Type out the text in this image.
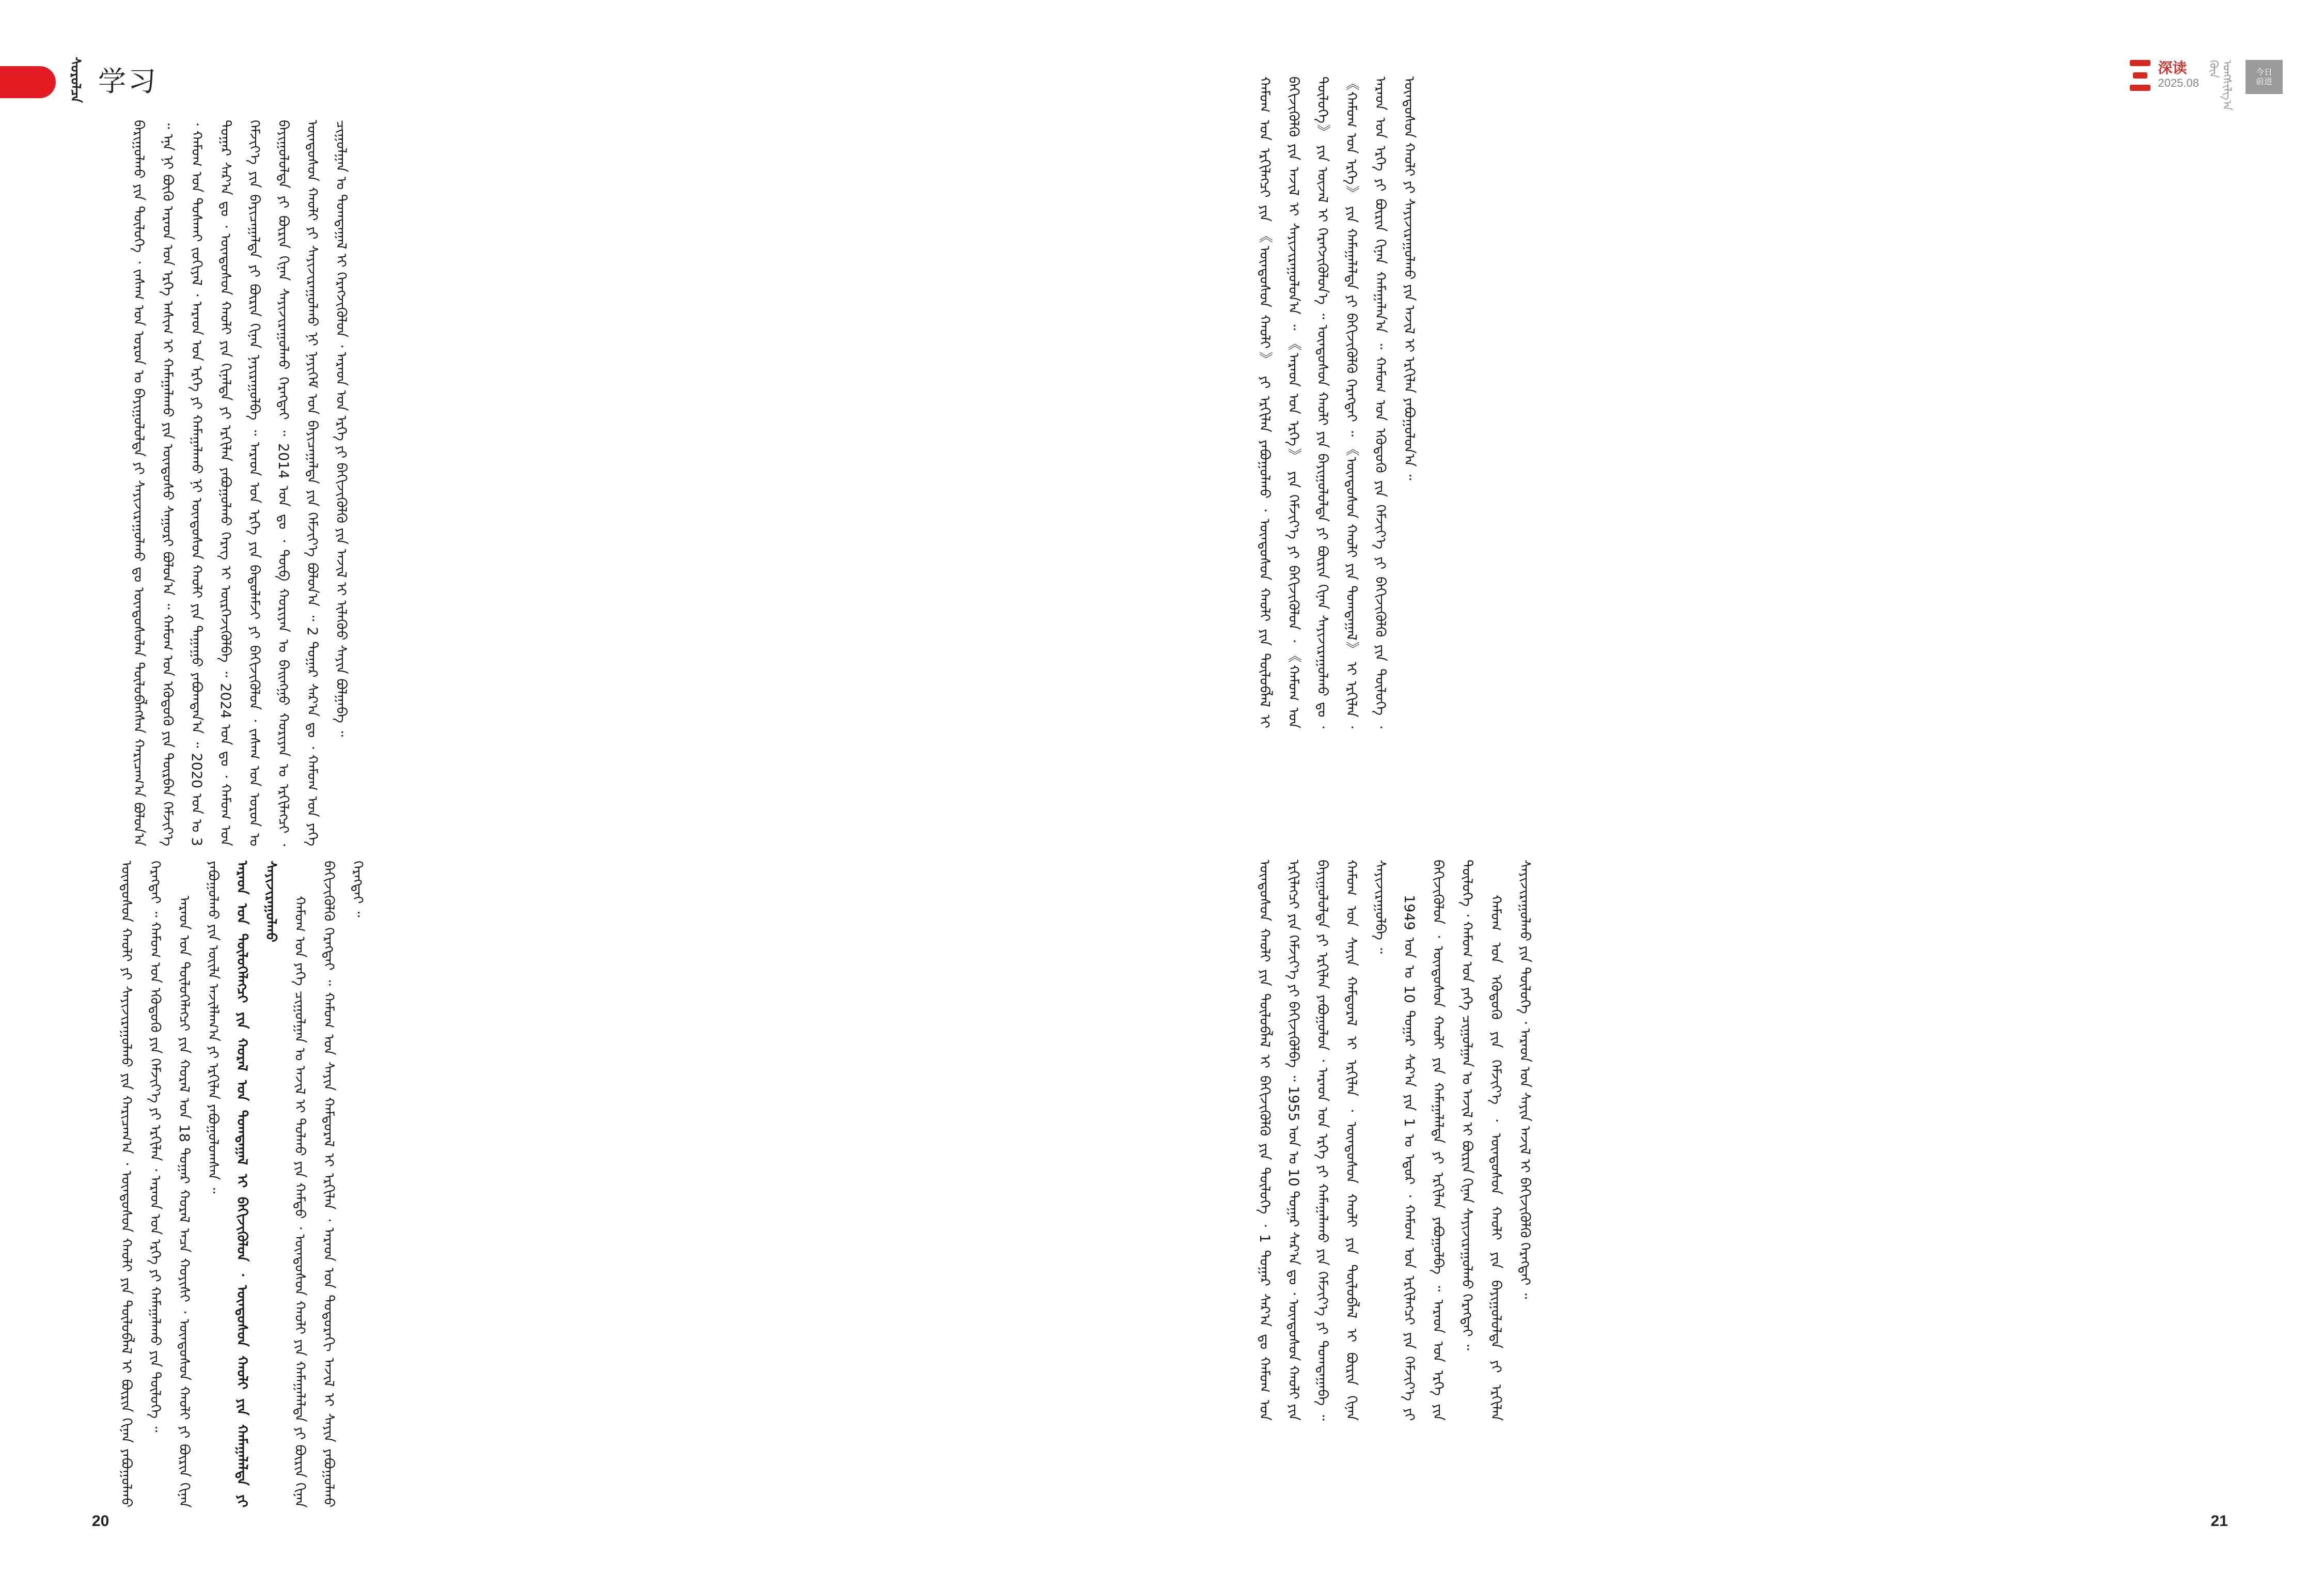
ᠰᠤᠷᠤᠯᠴᠠ 学习	深读
2025.08
ᠭᠦᠨ ᠤᠩᠰᠢᠯᠭ᠎ᠠ	今日
前进

ᠪᠠᠷᠢᠭᠤᠯᠬᠤ ᠶᠢᠨ ᠲᠦᠯᠦᠭᠡ ᠂ ᠵᠠᠰᠠᠭ ᠤᠨ ᠣᠷᠣᠨ ᠤ ᠪᠠᠶᠢᠭᠤᠯᠤᠯᠲᠠ ᠶᠢ ᠰᠠᠶᠢᠵᠢᠷᠠᠭᠤᠯᠬᠤ ᠳᠤ ᠦᠨᠳᠦᠰᠦᠯᠡᠨ ᠲᠥᠯᠦᠪᠯᠡᠭᠰᠡᠨ ᠬᠠᠷᠢᠴᠠᠭ᠎ᠠ ᠪᠣᠯᠤᠨ᠎ᠠ ᠃ ᠡᠨᠡ ᠨᠢ ᠪᠦᠬᠦ ᠠᠷᠠᠳ ᠤᠨ ᠡᠷᠬᠡ ᠠᠰᠢᠭ ᠢ ᠬᠠᠮᠠᠭᠠᠯᠠᠬᠤ ᠶᠢᠨ ᠦᠨᠳᠦᠰᠦ ᠰᠠᠭᠤᠷᠢ ᠪᠣᠯᠤᠨ᠎ᠠ ᠃ ᠬᠠᠮᠤᠭ ᠤᠨ ᠡᠭᠦᠳᠦᠬᠦ ᠶᠢᠨ ᠳᠥᠷᠪᠡᠨ ᠬᠡᠮᠵᠢᠶ᠎ᠡ ᠂ ᠬᠠᠮᠤᠭ ᠤᠨ ᠲᠤᠰᠬᠠᠶ ᠵᠣᠬᠢᠶᠠᠯ ᠂ ᠠᠷᠠᠳ ᠤᠨ ᠡᠷᠬᠡ ᠶᠢ ᠬᠠᠮᠠᠭᠠᠯᠠᠬᠤ ᠨᠢ ᠦᠨᠳᠦᠰᠦᠨ ᠬᠠᠤᠯᠢ ᠶᠢᠨ ᠳᠠᠭᠠᠭᠤ ᠶᠠᠪᠤᠭᠳᠠᠨ᠎ᠠ ᠃ 2020 ᠣᠨ ᠤ 3 ᠳᠤᠭᠠᠷ ᠰᠠᠷ᠎ᠠ ᠳᠤ ᠂ ᠦᠨᠳᠦᠰᠦᠨ ᠬᠠᠤᠯᠢ ᠶᠢᠨ ᠬᠢᠨᠠᠯᠲᠠ ᠶᠢ ᠡᠷᠬᠢᠯᠡᠨ ᠶᠠᠪᠤᠭᠤᠯᠬᠤ ᠬᠡᠷᠡᠭ ᠢ ᠥᠷᠭᠡᠵᠢᠭᠦᠯᠪᠡ ᠃ 2024 ᠣᠨ ᠳᠤ ᠂ ᠬᠠᠮᠤᠭ ᠤᠨ ᠬᠡᠮᠵᠢᠶ᠎ᠡ ᠶᠢᠨ ᠪᠠᠶᠢᠴᠠᠭᠠᠯᠲᠠ ᠶᠢ ᠪᠦᠷᠢᠨ ᠬᠢᠨᠠᠨ ᠨᠠᠶᠢᠷᠠᠭᠤᠯᠪᠠ ᠃ ᠠᠷᠠᠳ ᠤᠨ ᠡᠷᠬᠡ ᠶᠢᠨ ᠪᠠᠲᠤᠯᠠᠮᠵᠢ ᠶᠢ ᠪᠡᠬᠢᠵᠢᠭᠦᠯᠦᠨ ᠂ ᠵᠠᠰᠠᠭ ᠤᠨ ᠣᠷᠣᠨ ᠤ ᠪᠠᠶᠢᠭᠤᠯᠤᠯᠲᠠ ᠶᠢ ᠪᠦᠷᠢᠨ ᠬᠢᠨᠠᠨ ᠰᠠᠶᠢᠵᠢᠷᠠᠭᠤᠯᠬᠤ ᠬᠡᠷᠡᠭᠲᠡᠶ ᠃ 2014 ᠣᠨ ᠳᠤ ᠂ ᠲᠥᠪ ᠬᠣᠷᠢᠶᠠᠨ ᠤ ᠪᠠᠢᠩᠭᠤ ᠬᠣᠷᠢᠶᠠᠨ ᠤ ᠡᠷᠬᠢᠯᠡᠭᠴᠢ ᠂ ᠦᠨᠳᠦᠰᠦᠨ ᠬᠠᠤᠯᠢ ᠶᠢ ᠰᠠᠶᠢᠵᠢᠷᠠᠭᠤᠯᠬᠤ ᠨᠢ ᠨᠡᠶᠢᠭᠡᠮ ᠤᠨ ᠪᠠᠶᠢᠴᠠᠭᠠᠯᠲᠠ ᠶᠢᠨ ᠬᠡᠮᠵᠢᠶ᠎ᠡ ᠪᠣᠯᠤᠨ᠎ᠠ ᠃ 2 ᠳᠤᠭᠠᠷ ᠰᠠᠷ᠎ᠠ ᠳᠤ ᠂ ᠬᠠᠮᠤᠭ ᠤᠨ ᠶᠡᠬᠡ ᠴᠢᠭᠤᠯᠭᠠᠨ ᠤ ᠲᠣᠭᠲᠠᠭᠠᠯ ᠢ ᠬᠡᠷᠡᠭᠵᠢᠭᠦᠯᠦᠨ ᠂ ᠠᠷᠠᠳ ᠤᠨ ᠡᠷᠬᠡ ᠶᠢ ᠪᠡᠬᠢᠵᠢᠭᠦᠯᠬᠦ ᠶᠢᠨ ᠠᠵᠢᠯ ᠢ ᠢᠯᠡᠭᠦᠦ ᠰᠠᠶᠢᠨ ᠪᠣᠯᠭᠠᠪᠠ ᠃

ᠦᠨᠳᠦᠰᠦᠨ ᠬᠠᠤᠯᠢ ᠶᠢ ᠰᠠᠶᠢᠵᠢᠷᠠᠭᠤᠯᠬᠤ ᠶᠢᠨ ᠬᠠᠷᠢᠴᠠᠭ᠎ᠠ ᠂ ᠦᠨᠳᠦᠰᠦᠨ ᠬᠠᠤᠯᠢ ᠶᠢᠨ ᠲᠥᠯᠦᠪᠯᠡᠯ ᠢ ᠪᠦᠷᠢᠨ ᠬᠢᠨᠠᠨ ᠶᠠᠪᠤᠭᠤᠯᠬᠤ ᠬᠡᠷᠡᠭᠲᠡᠶ ᠃ ᠬᠠᠮᠤᠭ ᠤᠨ ᠡᠭᠦᠳᠦᠬᠦ ᠶᠢᠨ ᠬᠡᠮᠵᠢᠶ᠎ᠡ ᠶᠢ ᠡᠷᠬᠢᠯᠡᠨ ᠂ ᠠᠷᠠᠳ ᠤᠨ ᠡᠷᠬᠡ ᠶᠢ ᠬᠠᠮᠠᠭᠠᠯᠠᠬᠤ ᠶᠢᠨ ᠲᠥᠯᠦᠭᠡ ᠃ ᠠᠷᠠᠳ ᠤᠨ ᠲᠥᠯᠦᠭᠡᠯᠡᠭᠴᠢ ᠶᠢᠨ ᠬᠤᠷᠠᠯ ᠤᠨ 18 ᠳᠤᠭᠠᠷ ᠬᠤᠷᠠᠯ ᠠᠴᠠ ᠬᠣᠶᠢᠰᠢ ᠂ ᠦᠨᠳᠦᠰᠦᠨ ᠬᠠᠤᠯᠢ ᠶᠢ ᠪᠦᠷᠢᠨ ᠬᠢᠨᠠᠨ ᠶᠠᠪᠤᠭᠤᠯᠬᠤ ᠶᠢᠨ ᠦᠢᠯᠡ ᠠᠵᠢᠯᠯᠠᠭ᠎ᠠ ᠶᠢ ᠡᠷᠬᠢᠯᠡᠨ ᠶᠠᠪᠤᠭᠤᠯᠤᠭᠰᠠᠨ ᠃ ᠠᠷᠠᠳ ᠤᠨ ᠲᠥᠯᠦᠭᠡᠯᠡᠭᠴᠢ ᠶᠢᠨ ᠬᠤᠷᠠᠯ ᠤᠨ ᠲᠣᠭᠲᠠᠭᠠᠯ ᠢ ᠪᠡᠬᠢᠵᠢᠭᠦᠯᠦᠨ ᠂ ᠦᠨᠳᠦᠰᠦᠨ ᠬᠠᠤᠯᠢ ᠶᠢᠨ ᠬᠠᠮᠠᠭᠠᠯᠠᠯᠲᠠ ᠶᠢ ᠰᠠᠶᠢᠵᠢᠷᠠᠭᠤᠯᠬᠤ ᠬᠠᠮᠤᠭ ᠤᠨ ᠶᠡᠬᠡ ᠴᠢᠭᠤᠯᠭᠠᠨ ᠤ ᠠᠵᠢᠯ ᠢ ᠲᠤᠯᠬᠤ ᠶᠢᠨ ᠬᠠᠮᠲᠤ ᠂ ᠦᠨᠳᠦᠰᠦᠨ ᠬᠠᠤᠯᠢ ᠶᠢᠨ ᠬᠠᠮᠠᠭᠠᠯᠠᠯᠲᠠ ᠶᠢ ᠪᠦᠷᠢᠨ ᠬᠢᠨᠠᠨ ᠪᠡᠬᠢᠵᠢᠭᠦᠯᠬᠦ ᠬᠡᠷᠡᠭᠲᠡᠶ ᠃ ᠬᠠᠮᠤᠭ ᠤᠨ ᠰᠠᠶᠢᠨ ᠬᠠᠮᠲᠤᠷᠠᠯ ᠢ ᠡᠷᠬᠢᠯᠡᠨ ᠂ ᠠᠷᠠᠳ ᠤᠨ ᠳᠣᠲᠣᠷᠠᠬᠢ ᠠᠵᠢᠯ ᠢ ᠰᠠᠶᠢᠨ ᠶᠠᠪᠤᠭᠤᠯᠬᠤ ᠬᠡᠷᠡᠭᠲᠡᠶ ᠃

ᠬᠠᠮᠤᠭ ᠤᠨ ᠡᠷᠬᠢᠯᠡᠭᠴᠢ ᠶᠢᠨ 《ᠦᠨᠳᠦᠰᠦᠨ ᠬᠠᠤᠯᠢ》 ᠶᠢ ᠡᠷᠬᠢᠯᠡᠨ ᠶᠠᠪᠤᠭᠤᠯᠬᠤ ᠂ ᠦᠨᠳᠦᠰᠦᠨ ᠬᠠᠤᠯᠢ ᠶᠢᠨ ᠲᠥᠯᠦᠪᠯᠡᠯ ᠢ ᠪᠡᠬᠢᠵᠢᠭᠦᠯᠬᠦ ᠶᠢᠨ ᠠᠵᠢᠯ ᠢ ᠰᠠᠶᠢᠵᠢᠷᠠᠭᠤᠯᠤᠨ᠎ᠠ ᠃ 《ᠠᠷᠠᠳ ᠤᠨ ᠡᠷᠬᠡ》 ᠶᠢᠨ ᠬᠡᠮᠵᠢᠶ᠎ᠡ ᠶᠢ ᠪᠡᠬᠢᠵᠢᠭᠦᠯᠦᠨ ᠂ 《ᠬᠠᠮᠤᠭ ᠤᠨ ᠲᠥᠯᠦᠭᠡ》 ᠶᠢᠨ ᠦᠵᠡᠯ ᠢ ᠬᠡᠷᠡᠭᠵᠢᠭᠦᠯᠦᠨ᠎ᠡ ᠃ ᠦᠨᠳᠦᠰᠦᠨ ᠬᠠᠤᠯᠢ ᠶᠢᠨ ᠪᠠᠶᠢᠭᠤᠯᠤᠯᠲᠠ ᠶᠢ ᠪᠦᠷᠢᠨ ᠬᠢᠨᠠᠨ ᠰᠠᠶᠢᠵᠢᠷᠠᠭᠤᠯᠬᠤ ᠳᠤ ᠂ 《ᠬᠠᠮᠤᠭ ᠤᠨ ᠡᠷᠬᠡ》 ᠶᠢᠨ ᠬᠠᠮᠠᠭᠠᠯᠠᠯᠲᠠ ᠶᠢ ᠪᠡᠬᠢᠵᠢᠭᠦᠯᠬᠦ ᠬᠡᠷᠡᠭᠲᠡᠶ ᠃ 《ᠦᠨᠳᠦᠰᠦᠨ ᠬᠠᠤᠯᠢ ᠶᠢᠨ ᠲᠣᠭᠲᠠᠭᠠᠯ》 ᠢ ᠡᠷᠬᠢᠯᠡᠨ ᠂ ᠠᠷᠠᠳ ᠤᠨ ᠡᠷᠬᠡ ᠶᠢ ᠪᠦᠷᠢᠨ ᠬᠢᠨᠠᠨ ᠬᠠᠮᠠᠭᠠᠯᠠᠨ᠎ᠠ ᠃ ᠬᠠᠮᠤᠭ ᠤᠨ ᠡᠭᠦᠳᠦᠬᠦ ᠶᠢᠨ ᠬᠡᠮᠵᠢᠶ᠎ᠡ ᠶᠢ ᠪᠡᠬᠢᠵᠢᠭᠦᠯᠬᠦ ᠶᠢᠨ ᠲᠥᠯᠦᠭᠡ ᠂ ᠦᠨᠳᠦᠰᠦᠨ ᠬᠠᠤᠯᠢ ᠶᠢ ᠰᠠᠶᠢᠵᠢᠷᠠᠭᠤᠯᠬᠤ ᠶᠢᠨ ᠠᠵᠢᠯ ᠢ ᠡᠷᠬᠢᠯᠡᠨ ᠶᠠᠪᠤᠭᠤᠯᠤᠨ᠎ᠠ ᠃

ᠦᠨᠳᠦᠰᠦᠨ ᠬᠠᠤᠯᠢ ᠶᠢᠨ ᠲᠥᠯᠦᠪᠯᠡᠯ ᠢ ᠪᠡᠬᠢᠵᠢᠭᠦᠯᠬᠦ ᠶᠢᠨ ᠲᠥᠯᠦᠭᠡ ᠂ 1 ᠳᠤᠭᠠᠷ ᠰᠠᠷ᠎ᠠ ᠳᠤ ᠬᠠᠮᠤᠭ ᠤᠨ ᠡᠷᠬᠢᠯᠡᠭᠴᠢ ᠶᠢᠨ ᠬᠡᠮᠵᠢᠶ᠎ᠡ ᠶᠢ ᠪᠡᠬᠢᠵᠢᠭᠦᠯᠪᠡ ᠃ 1955 ᠣᠨ ᠤ 10 ᠳᠤᠭᠠᠷ ᠰᠠᠷ᠎ᠠ ᠳᠤ ᠂ ᠦᠨᠳᠦᠰᠦᠨ ᠬᠠᠤᠯᠢ ᠶᠢᠨ ᠪᠠᠶᠢᠭᠤᠯᠤᠯᠲᠠ ᠶᠢ ᠡᠷᠬᠢᠯᠡᠨ ᠶᠠᠪᠤᠭᠤᠯᠤᠨ ᠂ ᠠᠷᠠᠳ ᠤᠨ ᠡᠷᠬᠡ ᠶᠢ ᠬᠠᠮᠠᠭᠠᠯᠠᠬᠤ ᠶᠢᠨ ᠬᠡᠮᠵᠢᠶ᠎ᠡ ᠶᠢ ᠲᠣᠭᠲᠠᠭᠠᠪᠠ ᠃ ᠬᠠᠮᠤᠭ ᠤᠨ ᠰᠠᠶᠢᠨ ᠬᠠᠮᠲᠤᠷᠠᠯ ᠢ ᠡᠷᠬᠢᠯᠡᠨ ᠂ ᠦᠨᠳᠦᠰᠦᠨ ᠬᠠᠤᠯᠢ ᠶᠢᠨ ᠲᠥᠯᠦᠪᠯᠡᠯ ᠢ ᠪᠦᠷᠢᠨ ᠬᠢᠨᠠᠨ ᠰᠠᠶᠢᠵᠢᠷᠠᠭᠤᠯᠪᠠ ᠃ 1949 ᠣᠨ ᠤ 10 ᠳᠤᠭᠠᠷ ᠰᠠᠷ᠎ᠠ ᠶᠢᠨ 1 ᠤ ᠡᠳᠦᠷ ᠂ ᠬᠠᠮᠤᠭ ᠤᠨ ᠡᠷᠬᠢᠯᠡᠭᠴᠢ ᠶᠢᠨ ᠬᠡᠮᠵᠢᠶ᠎ᠡ ᠶᠢ ᠪᠡᠬᠢᠵᠢᠭᠦᠯᠦᠨ ᠂ ᠦᠨᠳᠦᠰᠦᠨ ᠬᠠᠤᠯᠢ ᠶᠢᠨ ᠬᠠᠮᠠᠭᠠᠯᠠᠯᠲᠠ ᠶᠢ ᠡᠷᠬᠢᠯᠡᠨ ᠶᠠᠪᠤᠭᠤᠯᠪᠠ ᠃ ᠠᠷᠠᠳ ᠤᠨ ᠡᠷᠬᠡ ᠶᠢᠨ ᠲᠥᠯᠦᠭᠡ ᠂ ᠬᠠᠮᠤᠭ ᠤᠨ ᠶᠡᠬᠡ ᠴᠢᠭᠤᠯᠭᠠᠨ ᠤ ᠠᠵᠢᠯ ᠢ ᠪᠦᠷᠢᠨ ᠬᠢᠨᠠᠨ ᠰᠠᠶᠢᠵᠢᠷᠠᠭᠤᠯᠬᠤ ᠬᠡᠷᠡᠭᠲᠡᠶ ᠃ ᠬᠠᠮᠤᠭ ᠤᠨ ᠡᠭᠦᠳᠦᠬᠦ ᠶᠢᠨ ᠬᠡᠮᠵᠢᠶ᠎ᠡ ᠂ ᠦᠨᠳᠦᠰᠦᠨ ᠬᠠᠤᠯᠢ ᠶᠢᠨ ᠪᠠᠶᠢᠭᠤᠯᠤᠯᠲᠠ ᠶᠢ ᠡᠷᠬᠢᠯᠡᠨ ᠰᠠᠶᠢᠵᠢᠷᠠᠭᠤᠯᠬᠤ ᠶᠢᠨ ᠲᠥᠯᠦᠭᠡ ᠂ ᠠᠷᠠᠳ ᠤᠨ ᠰᠠᠶᠢᠨ ᠠᠵᠢᠯ ᠢ ᠪᠡᠬᠢᠵᠢᠭᠦᠯᠬᠦ ᠬᠡᠷᠡᠭᠲᠡᠶ ᠃

20	21
